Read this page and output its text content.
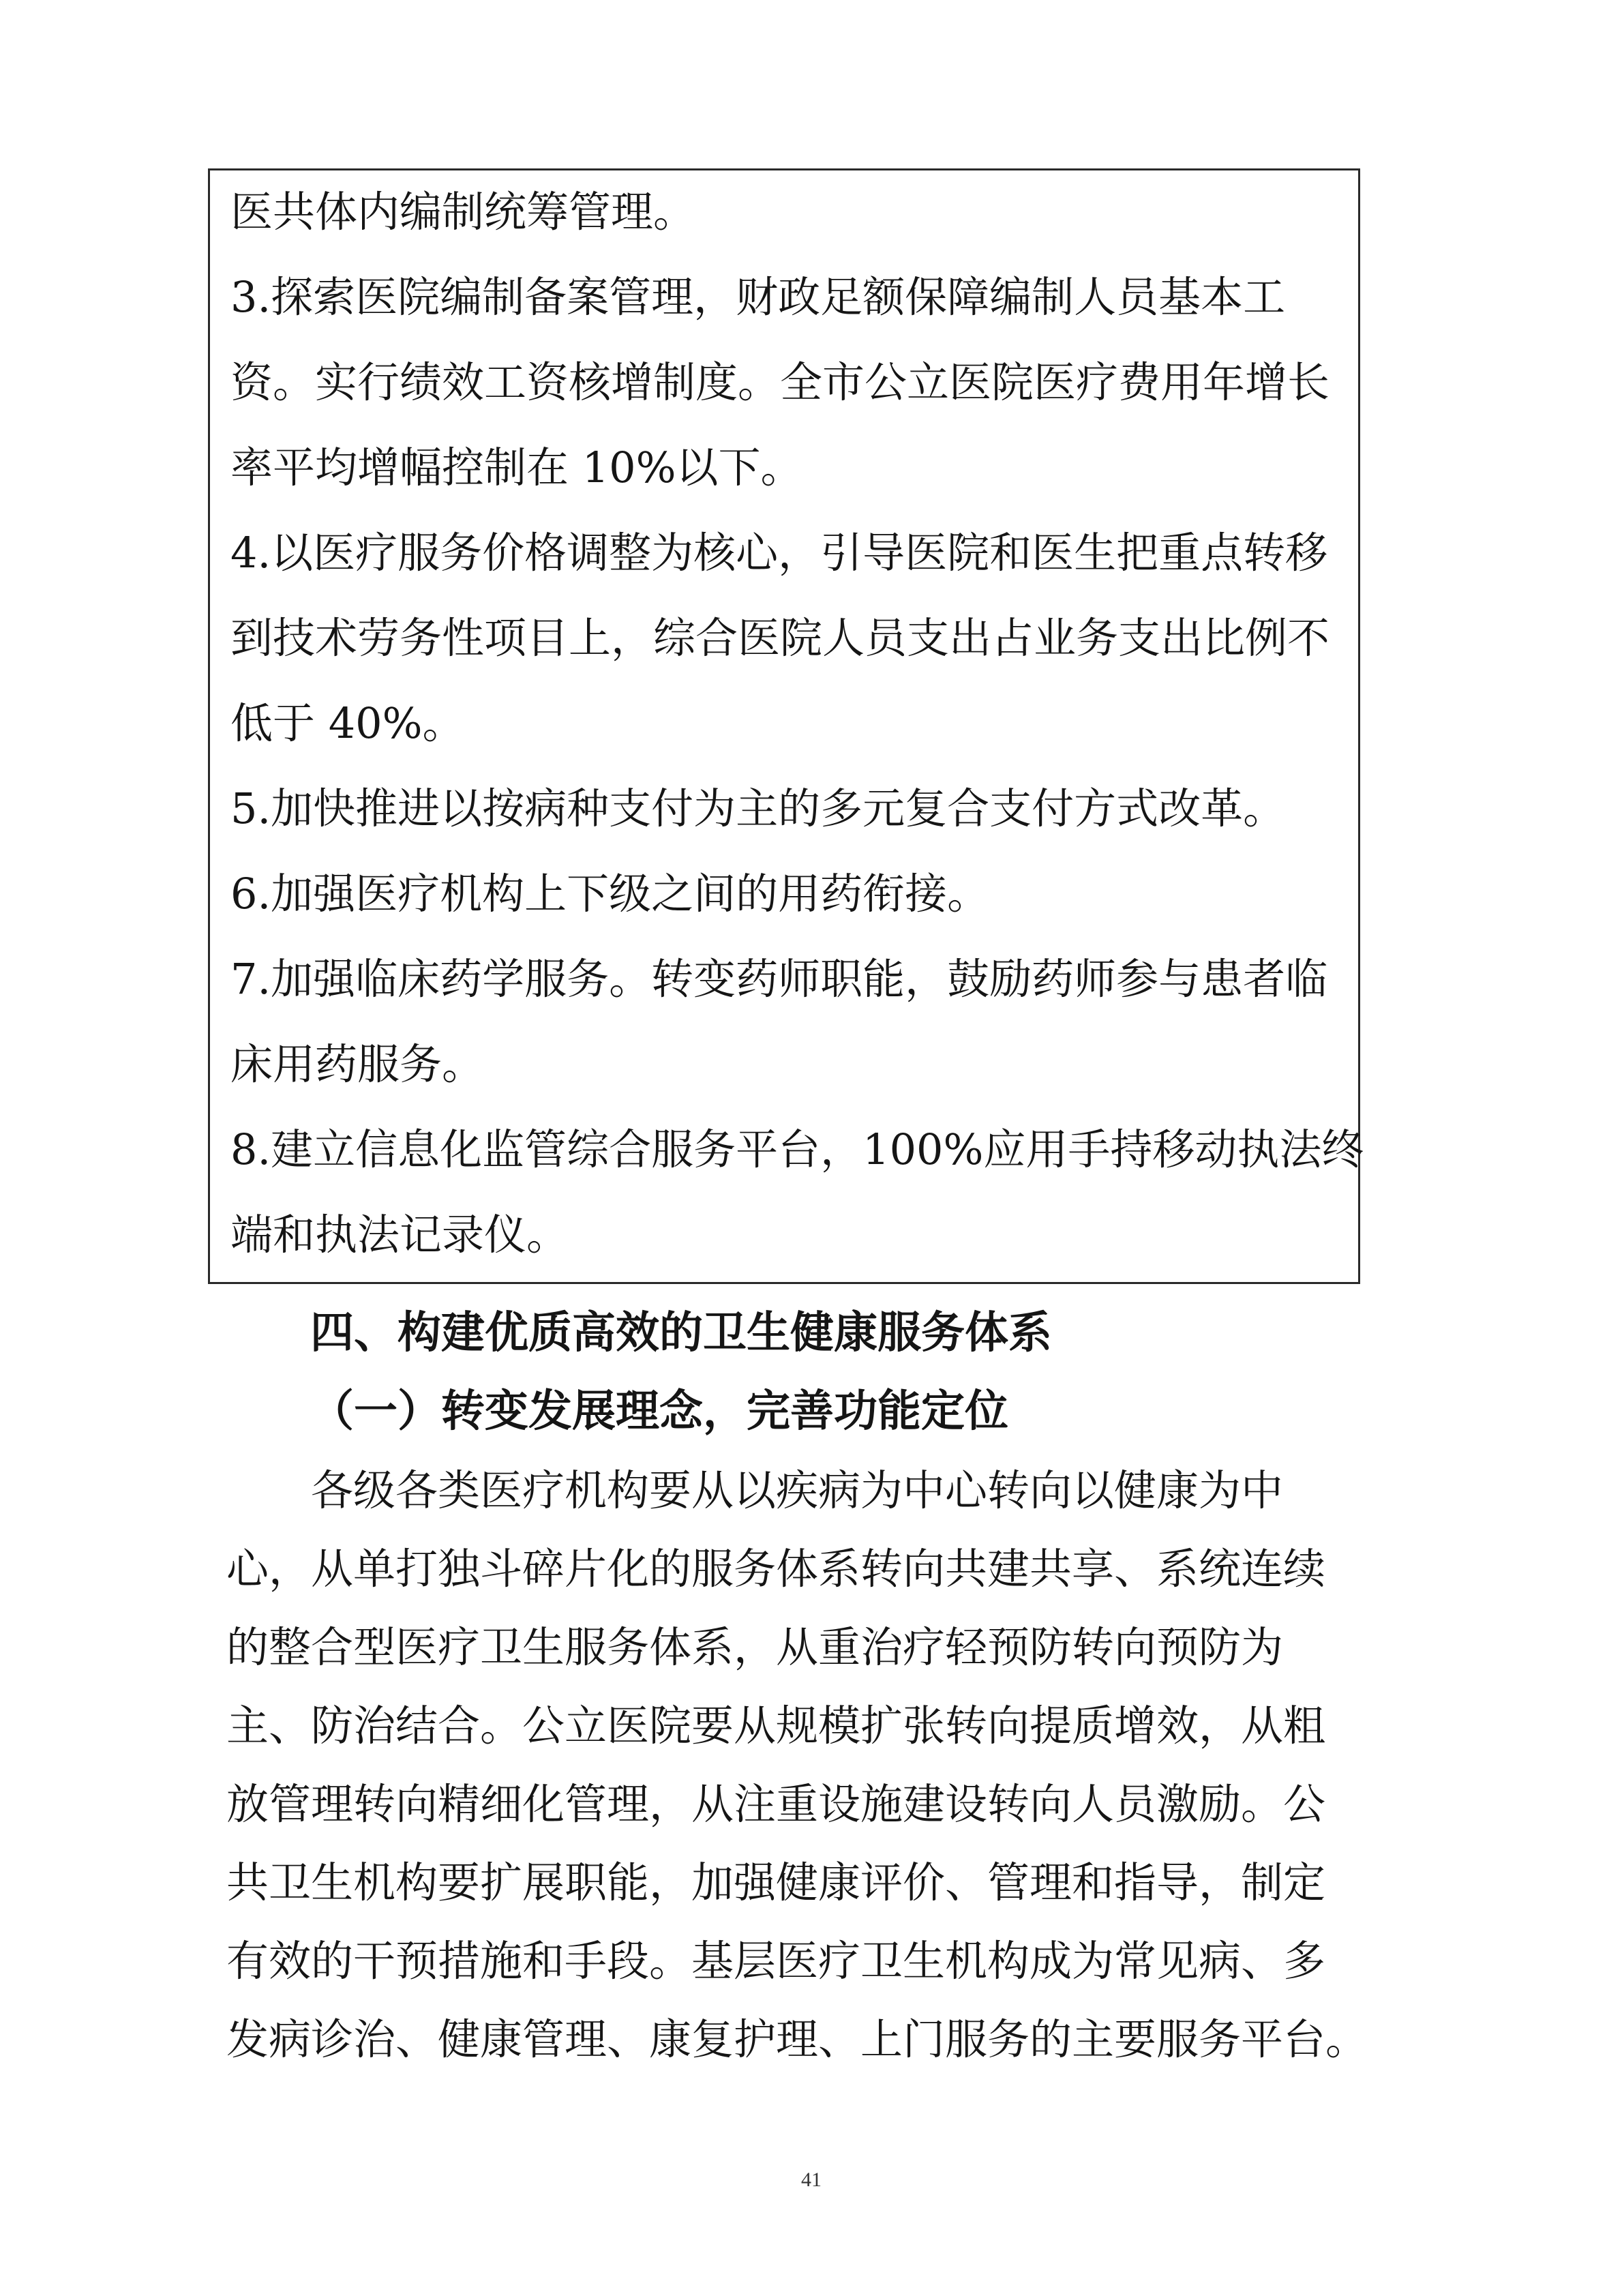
医共体内编制统筹管理。
3.探索医院编制备案管理，财政足额保障编制人员基本工
资。实行绩效工资核增制度。全市公立医院医疗费用年增长
率平均增幅控制在 10%以下。
4.以医疗服务价格调整为核心，引导医院和医生把重点转移
到技术劳务性项目上，综合医院人员支出占业务支出比例不
低于 40%。
5.加快推进以按病种支付为主的多元复合支付方式改革。
6.加强医疗机构上下级之间的用药衔接。
7.加强临床药学服务。转变药师职能，鼓励药师参与患者临
床用药服务。
8.建立信息化监管综合服务平台，100%应用手持移动执法终
端和执法记录仪。
四、构建优质高效的卫生健康服务体系
（一）转变发展理念，完善功能定位
　　各级各类医疗机构要从以疾病为中心转向以健康为中
心，从单打独斗碎片化的服务体系转向共建共享、系统连续
的整合型医疗卫生服务体系，从重治疗轻预防转向预防为
主、防治结合。公立医院要从规模扩张转向提质增效，从粗
放管理转向精细化管理，从注重设施建设转向人员激励。公
共卫生机构要扩展职能，加强健康评价、管理和指导，制定
有效的干预措施和手段。基层医疗卫生机构成为常见病、多
发病诊治、健康管理、康复护理、上门服务的主要服务平台。
41
